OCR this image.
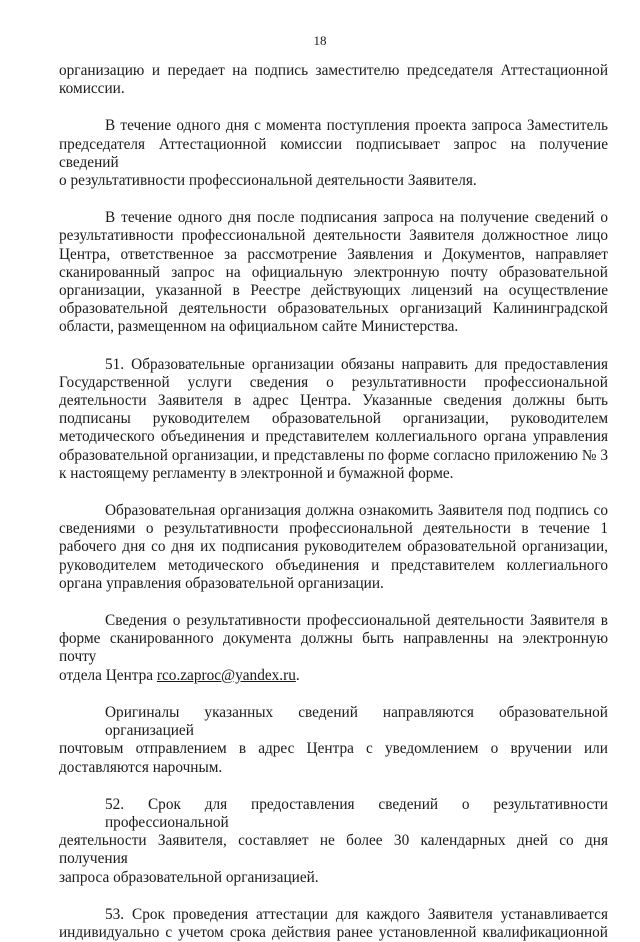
18
организацию и передает на подпись заместителю председателя Аттестационной
комиссии.
В течение одного дня с момента поступления проекта запроса Заместитель
председателя Аттестационной комиссии подписывает запрос на получение сведений
о результативности профессиональной деятельности Заявителя.
В течение одного дня после подписания запроса на получение сведений о
результативности профессиональной деятельности Заявителя должностное лицо
Центра, ответственное за рассмотрение Заявления и Документов, направляет
сканированный запрос на официальную электронную почту образовательной
организации, указанной в Реестре действующих лицензий на осуществление
образовательной деятельности образовательных организаций Калининградской
области, размещенном на официальном сайте Министерства.
51. Образовательные организации обязаны направить для предоставления
Государственной услуги сведения о результативности профессиональной
деятельности Заявителя в адрес Центра. Указанные сведения должны быть
подписаны руководителем образовательной организации, руководителем
методического объединения и представителем коллегиального органа управления
образовательной организации, и представлены по форме согласно приложению № 3
к настоящему регламенту в электронной и бумажной форме.
Образовательная организация должна ознакомить Заявителя под подпись со
сведениями о результативности профессиональной деятельности в течение 1
рабочего дня со дня их подписания руководителем образовательной организации,
руководителем методического объединения и представителем коллегиального
органа управления образовательной организации.
Сведения о результативности профессиональной деятельности Заявителя в
форме сканированного документа должны быть направленны на электронную почту
отдела Центра rco.zaproc@yandex.ru.
Оригиналы указанных сведений направляются образовательной организацией
почтовым отправлением в адрес Центра с уведомлением о вручении или
доставляются нарочным.
52. Срок для предоставления сведений о результативности профессиональной
деятельности Заявителя, составляет не более 30 календарных дней со дня получения
запроса образовательной организацией.
53. Срок проведения аттестации для каждого Заявителя устанавливается
индивидуально с учетом срока действия ранее установленной квалификационной
